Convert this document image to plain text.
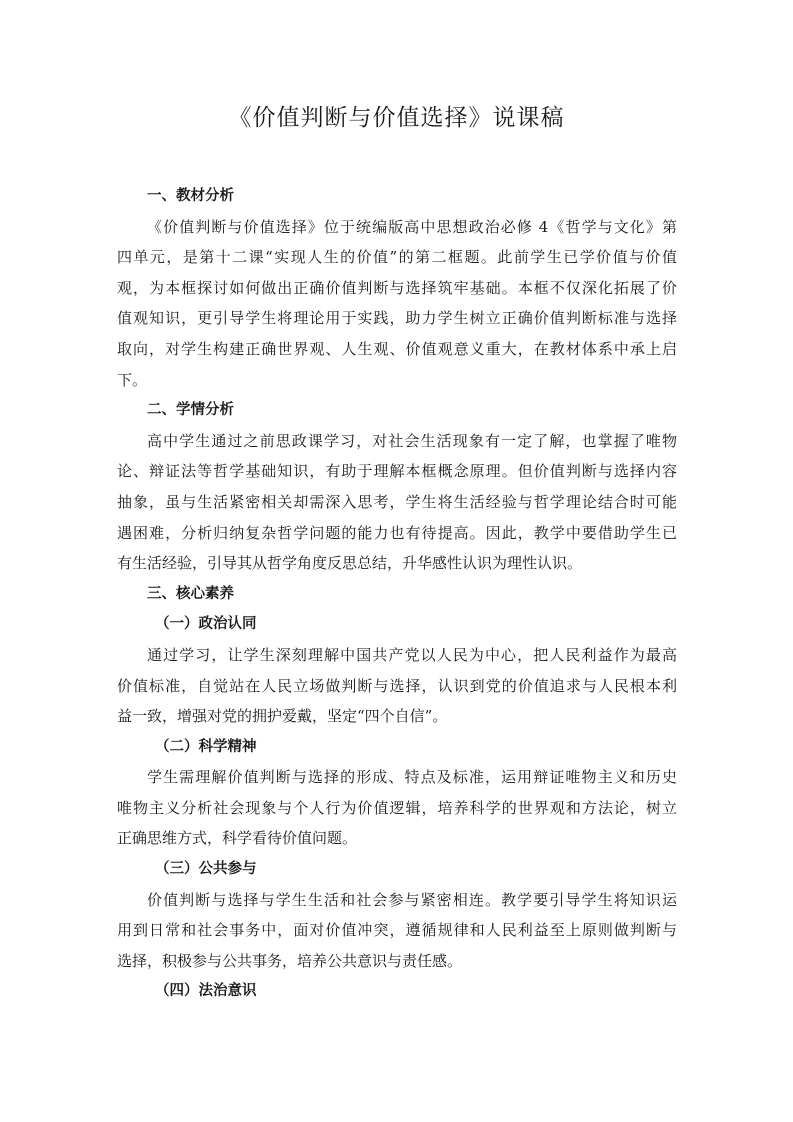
《价值判断与价值选择》说课稿
一、教材分析
《价值判断与价值选择》位于统编版高中思想政治必修 4《哲学与文化》第
四单元，是第十二课“实现人生的价值”的第二框题。此前学生已学价值与价值
观，为本框探讨如何做出正确价值判断与选择筑牢基础。本框不仅深化拓展了价
值观知识，更引导学生将理论用于实践，助力学生树立正确价值判断标准与选择
取向，对学生构建正确世界观、人生观、价值观意义重大，在教材体系中承上启
下。
二、学情分析
高中学生通过之前思政课学习，对社会生活现象有一定了解，也掌握了唯物
论、辩证法等哲学基础知识，有助于理解本框概念原理。但价值判断与选择内容
抽象，虽与生活紧密相关却需深入思考，学生将生活经验与哲学理论结合时可能
遇困难，分析归纳复杂哲学问题的能力也有待提高。因此，教学中要借助学生已
有生活经验，引导其从哲学角度反思总结，升华感性认识为理性认识。
三、核心素养
（一）政治认同
通过学习，让学生深刻理解中国共产党以人民为中心，把人民利益作为最高
价值标准，自觉站在人民立场做判断与选择，认识到党的价值追求与人民根本利
益一致，增强对党的拥护爱戴，坚定“四个自信”。
（二）科学精神
学生需理解价值判断与选择的形成、特点及标准，运用辩证唯物主义和历史
唯物主义分析社会现象与个人行为价值逻辑，培养科学的世界观和方法论，树立
正确思维方式，科学看待价值问题。
（三）公共参与
价值判断与选择与学生生活和社会参与紧密相连。教学要引导学生将知识运
用到日常和社会事务中，面对价值冲突，遵循规律和人民利益至上原则做判断与
选择，积极参与公共事务，培养公共意识与责任感。
（四）法治意识
